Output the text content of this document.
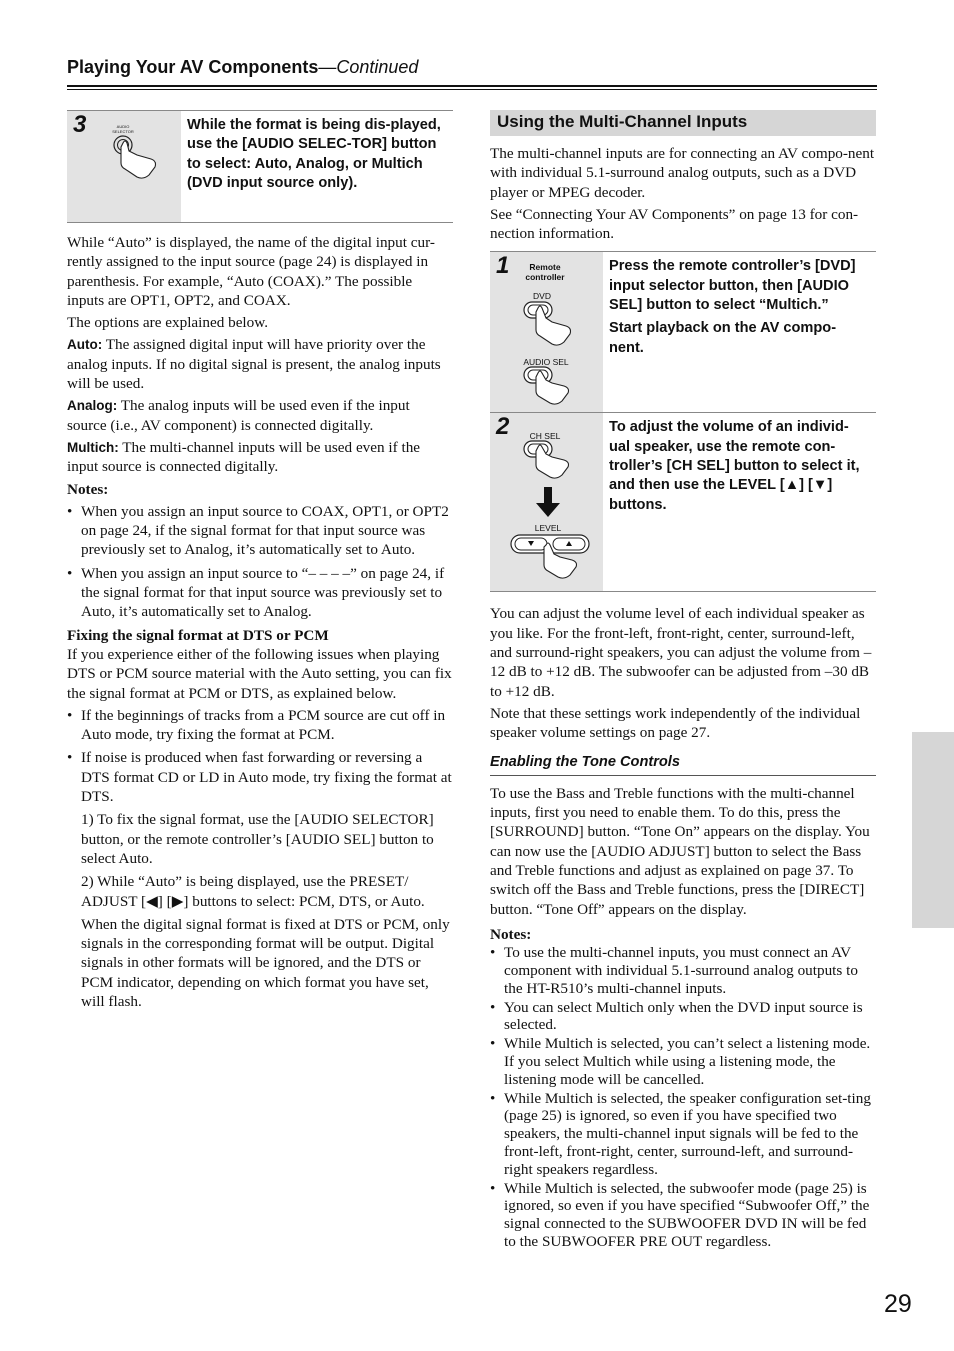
Playing Your AV Components—Continued
3	AUDIO SELECTOR	While the format is being dis-played, use the [AUDIO SELEC-TOR] button to select: Auto, Analog, or Multich (DVD input source only).

While “Auto” is displayed, the name of the digital input cur-rently assigned to the input source (page 24) is displayed in parenthesis. For example, “Auto (COAX).” The possible inputs are OPT1, OPT2, and COAX.

The options are explained below.

Auto: The assigned digital input will have priority over the analog inputs. If no digital signal is present, the analog inputs will be used.

Analog: The analog inputs will be used even if the input source (i.e., AV component) is connected digitally.

Multich: The multi-channel inputs will be used even if the input source is connected digitally.

Notes:

• When you assign an input source to COAX, OPT1, or OPT2 on page 24, if the signal format for that input source was previously set to Analog, it’s automatically set to Auto.
• When you assign an input source to “– – – –” on page 24, if the signal format for that input source was previously set to Auto, it’s automatically set to Analog.

Fixing the signal format at DTS or PCM

If you experience either of the following issues when playing DTS or PCM source material with the Auto setting, you can fix the signal format at PCM or DTS, as explained below.

• If the beginnings of tracks from a PCM source are cut off in Auto mode, try fixing the format at PCM.
• If noise is produced when fast forwarding or reversing a DTS format CD or LD in Auto mode, try fixing the format at DTS.
1) To fix the signal format, use the [AUDIO SELECTOR] button, or the remote controller’s [AUDIO SEL] button to select Auto.
2) While “Auto” is being displayed, use the PRESET/ ADJUST [◀] [▶] buttons to select: PCM, DTS, or Auto.
When the digital signal format is fixed at DTS or PCM, only signals in the corresponding format will be output. Digital signals in other formats will be ignored, and the DTS or PCM indicator, depending on which format you have set, will flash.
Using the Multi-Channel Inputs

The multi-channel inputs are for connecting an AV compo-nent with individual 5.1-surround analog outputs, such as a DVD player or MPEG decoder.

See “Connecting Your AV Components” on page 13 for con-nection information.

1	Remote controller
DVD
AUDIO SEL

Press the remote controller’s [DVD] input selector button, then [AUDIO SEL] button to select “Multich.”

Start playback on the AV compo-nent.

2	CH SEL
LEVEL
To adjust the volume of an individ-ual speaker, use the remote con-troller’s [CH SEL] button to select it, and then use the LEVEL [▲] [▼] buttons.

You can adjust the volume level of each individual speaker as you like. For the front-left, front-right, center, surround-left, and surround-right speakers, you can adjust the volume from –12 dB to +12 dB. The subwoofer can be adjusted from –30 dB to +12 dB.

Note that these settings work independently of the individual speaker volume settings on page 27.

Enabling the Tone Controls

To use the Bass and Treble functions with the multi-channel inputs, first you need to enable them. To do this, press the [SURROUND] button. “Tone On” appears on the display. You can now use the [AUDIO ADJUST] button to select the Bass and Treble functions and adjust as explained on page 37. To switch off the Bass and Treble functions, press the [DIRECT] button. “Tone Off” appears on the display.

Notes:

• To use the multi-channel inputs, you must connect an AV component with individual 5.1-surround analog outputs to the HT-R510’s multi-channel inputs.
• You can select Multich only when the DVD input source is selected.
• While Multich is selected, you can’t select a listening mode. If you select Multich while using a listening mode, the listening mode will be cancelled.
• While Multich is selected, the speaker configuration set-ting (page 25) is ignored, so even if you have specified two speakers, the multi-channel input signals will be fed to the front-left, front-right, center, surround-left, and surround-right speakers regardless.
• While Multich is selected, the subwoofer mode (page 25) is ignored, so even if you have specified “Subwoofer Off,” the signal connected to the SUBWOOFER DVD IN will be fed to the SUBWOOFER PRE OUT regardless.
29
